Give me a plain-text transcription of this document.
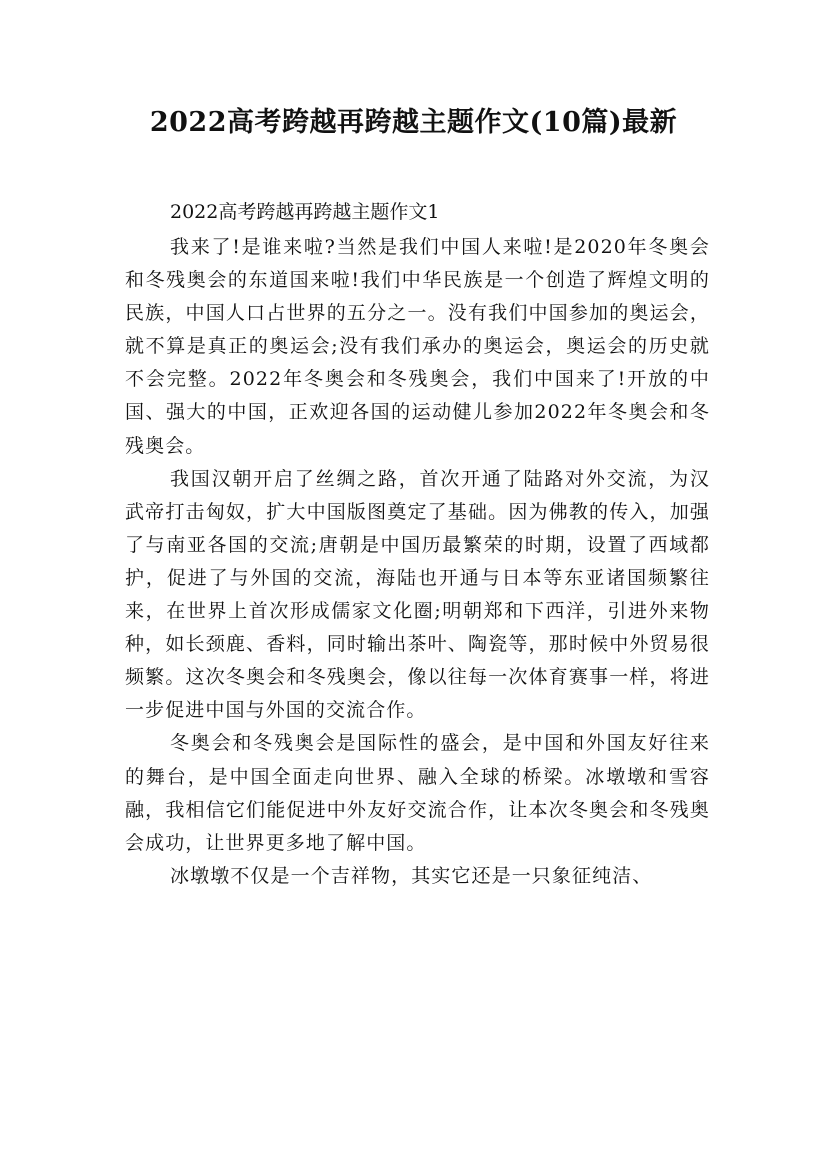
2022高考跨越再跨越主题作文(10篇)最新
2022高考跨越再跨越主题作文1

我来了!是谁来啦?当然是我们中国人来啦!是2020年冬奥会和冬残奥会的东道国来啦!我们中华民族是一个创造了辉煌文明的民族，中国人口占世界的五分之一。没有我们中国参加的奥运会，就不算是真正的奥运会;没有我们承办的奥运会，奥运会的历史就不会完整。2022年冬奥会和冬残奥会，我们中国来了!开放的中国、强大的中国，正欢迎各国的运动健儿参加2022年冬奥会和冬残奥会。

我国汉朝开启了丝绸之路，首次开通了陆路对外交流，为汉武帝打击匈奴，扩大中国版图奠定了基础。因为佛教的传入，加强了与南亚各国的交流;唐朝是中国历最繁荣的时期，设置了西域都护，促进了与外国的交流，海陆也开通与日本等东亚诸国频繁往来，在世界上首次形成儒家文化圈;明朝郑和下西洋，引进外来物种，如长颈鹿、香料，同时输出茶叶、陶瓷等，那时候中外贸易很频繁。这次冬奥会和冬残奥会，像以往每一次体育赛事一样，将进一步促进中国与外国的交流合作。

冬奥会和冬残奥会是国际性的盛会，是中国和外国友好往来的舞台，是中国全面走向世界、融入全球的桥梁。冰墩墩和雪容融，我相信它们能促进中外友好交流合作，让本次冬奥会和冬残奥会成功，让世界更多地了解中国。

冰墩墩不仅是一个吉祥物，其实它还是一只象征纯洁、
